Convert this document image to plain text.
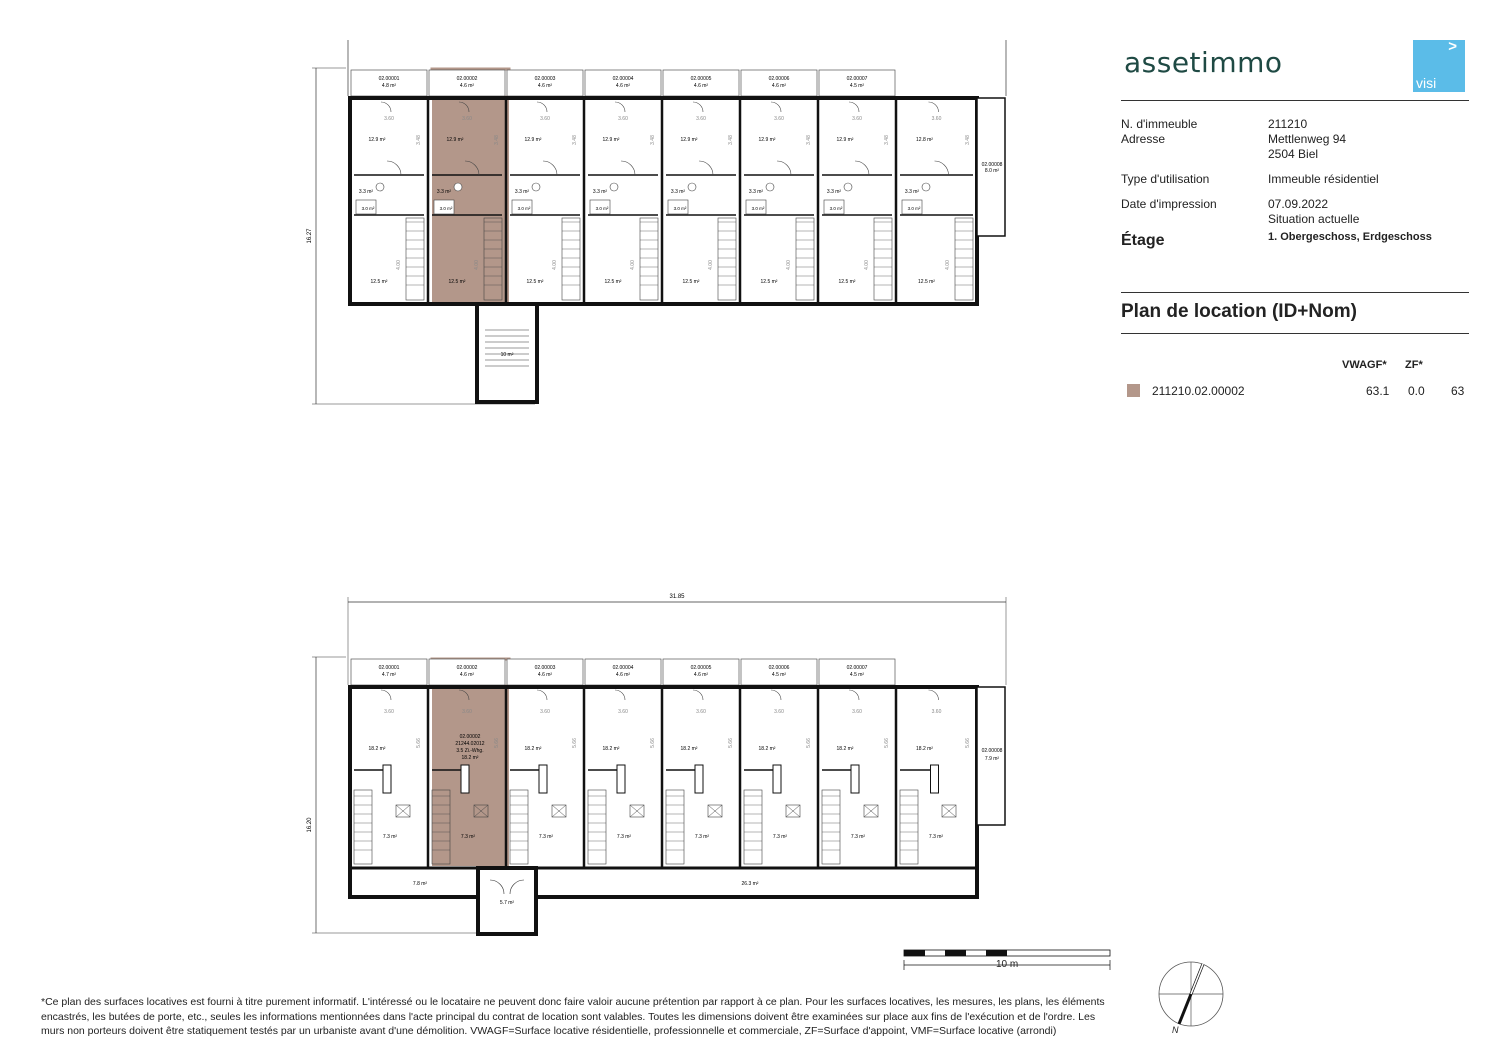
16.27
02.00001
4.8 m²
02.00002
4.6 m²
02.00003
4.6 m²
02.00004
4.6 m²
02.00005
4.6 m²
02.00006
4.6 m²
02.00007
4.5 m²
02.00008
8.0 m²
3.60
12.9 m²
3.3 m²
3.0 m²
12.5 m²
3.48
4.00
3.60
12.9 m²
3.3 m²
3.0 m²
12.5 m²
3.48
4.00
3.60
12.9 m²
3.3 m²
3.0 m²
12.5 m²
3.48
4.00
3.60
12.9 m²
3.3 m²
3.0 m²
12.5 m²
3.48
4.00
3.60
12.9 m²
3.3 m²
3.0 m²
12.5 m²
3.48
4.00
3.60
12.9 m²
3.3 m²
3.0 m²
12.5 m²
3.48
4.00
3.60
12.9 m²
3.3 m²
3.0 m²
12.5 m²
3.48
4.00
3.60
12.8 m²
3.3 m²
3.0 m²
12.5 m²
3.48
4.00
10 m²
31.85
16.20
02.00001
4.7 m²
02.00002
4.6 m²
02.00003
4.6 m²
02.00004
4.6 m²
02.00005
4.6 m²
02.00006
4.5 m²
02.00007
4.5 m²
02.00008
7.9 m²
3.60
18.2 m²
7.3 m²
5.66
3.60
7.3 m²
5.66
3.60
18.2 m²
7.3 m²
5.66
3.60
18.2 m²
7.3 m²
5.66
3.60
18.2 m²
7.3 m²
5.66
3.60
18.2 m²
7.3 m²
5.66
3.60
18.2 m²
7.3 m²
5.66
3.60
18.2 m²
7.3 m²
5.66
02.00002
21244.02012
3.5 Zi.-Whg.
18.2 m²
7.8 m²	26.3 m²
5.7 m²
assetimmo	>
visi
N. d'immeuble	211210
Adresse	Mettlenweg 94
2504 Biel
Type d'utilisation	Immeuble résidentiel
Date d'impression	07.09.2022
Situation actuelle
Étage	1. Obergeschoss, Erdgeschoss
Plan de location (ID+Nom)
VWAGF* ZF*
211210.02.00002	63.1 0.0 63
10 m
N
*Ce plan des surfaces locatives est fourni à titre purement informatif. L'intéressé ou le locataire ne peuvent donc faire valoir aucune prétention par rapport à ce plan. Pour les surfaces locatives, les mesures, les plans, les éléments encastrés, les butées de porte, etc., seules les informations mentionnées dans l'acte principal du contrat de location sont valables. Toutes les dimensions doivent être examinées sur place aux fins de l'exécution et de l'ordre. Les murs non porteurs doivent être statiquement testés par un urbaniste avant d'une démolition. VWAGF=Surface locative résidentielle, professionnelle et commerciale, ZF=Surface d'appoint, VMF=Surface locative (arrondi)
